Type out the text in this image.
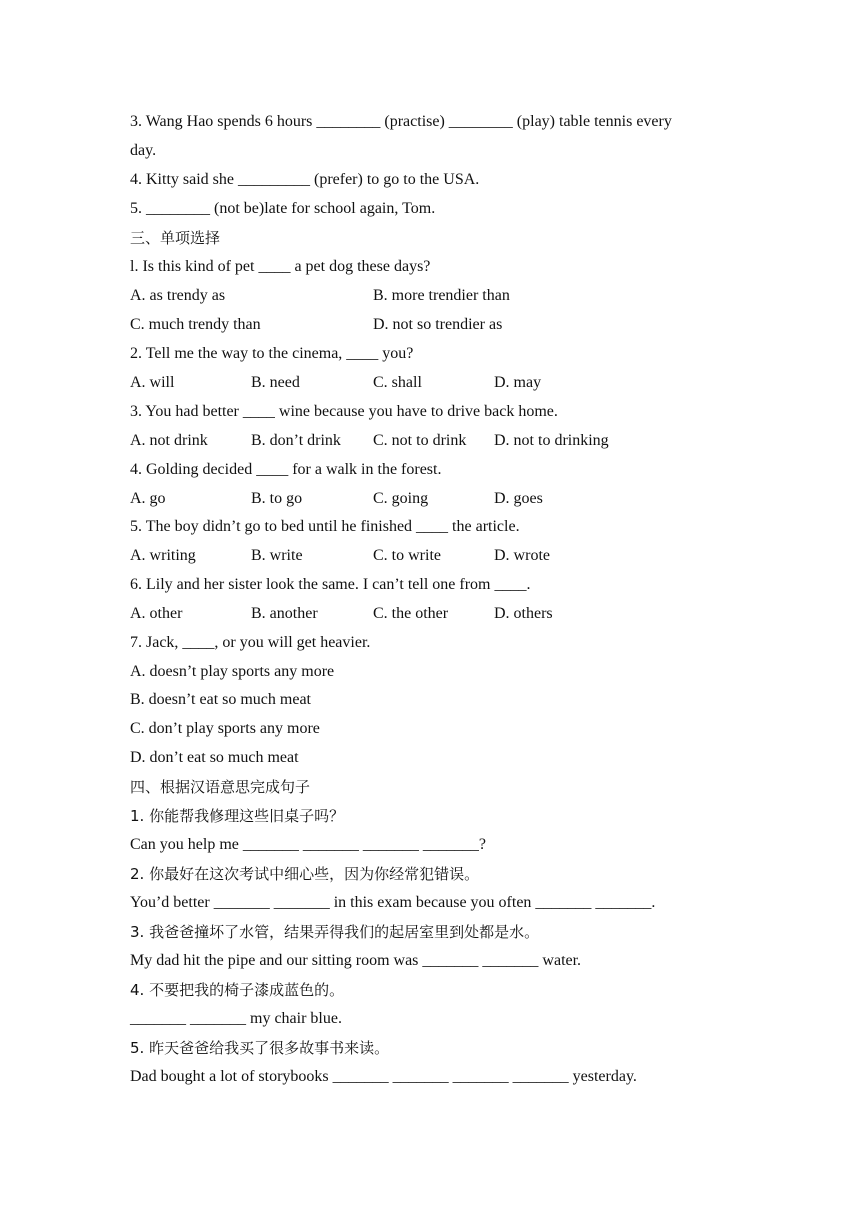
3. Wang Hao spends 6 hours ________ (practise) ________ (play) table tennis every
day.
4. Kitty said she _________ (prefer) to go to the USA.
5. ________ (not be)late for school again, Tom.
三、单项选择
l. Is this kind of pet ____ a pet dog these days?
A. as trendy as	B. more trendier than
C. much trendy than	D. not so trendier as
2. Tell me the way to the cinema, ____ you?
A. will	B. need	C. shall	D. may
3. You had better ____ wine because you have to drive back home.
A. not drink	B. don’t drink C. not to drink D. not to drinking
4. Golding decided ____ for a walk in the forest.
A. go	B. to go	C. going	D. goes
5. The boy didn’t go to bed until he finished ____ the article.
A. writing	B. write	C. to write	D. wrote
6. Lily and her sister look the same. I can’t tell one from ____.
A. other	B. another	C. the other	D. others
7. Jack, ____, or you will get heavier.
A. doesn’t play sports any more
B. doesn’t eat so much meat
C. don’t play sports any more
D. don’t eat so much meat
四、根据汉语意思完成句子
1. 你能帮我修理这些旧桌子吗？
Can you help me _______ _______ _______ _______?
2. 你最好在这次考试中细心些，因为你经常犯错误。
You’d better _______ _______ in this exam because you often _______ _______.
3. 我爸爸撞坏了水管，结果弄得我们的起居室里到处都是水。
My dad hit the pipe and our sitting room was _______ _______ water.
4. 不要把我的椅子漆成蓝色的。
_______ _______ my chair blue.
5. 昨天爸爸给我买了很多故事书来读。
Dad bought a lot of storybooks _______ _______ _______ _______ yesterday.
